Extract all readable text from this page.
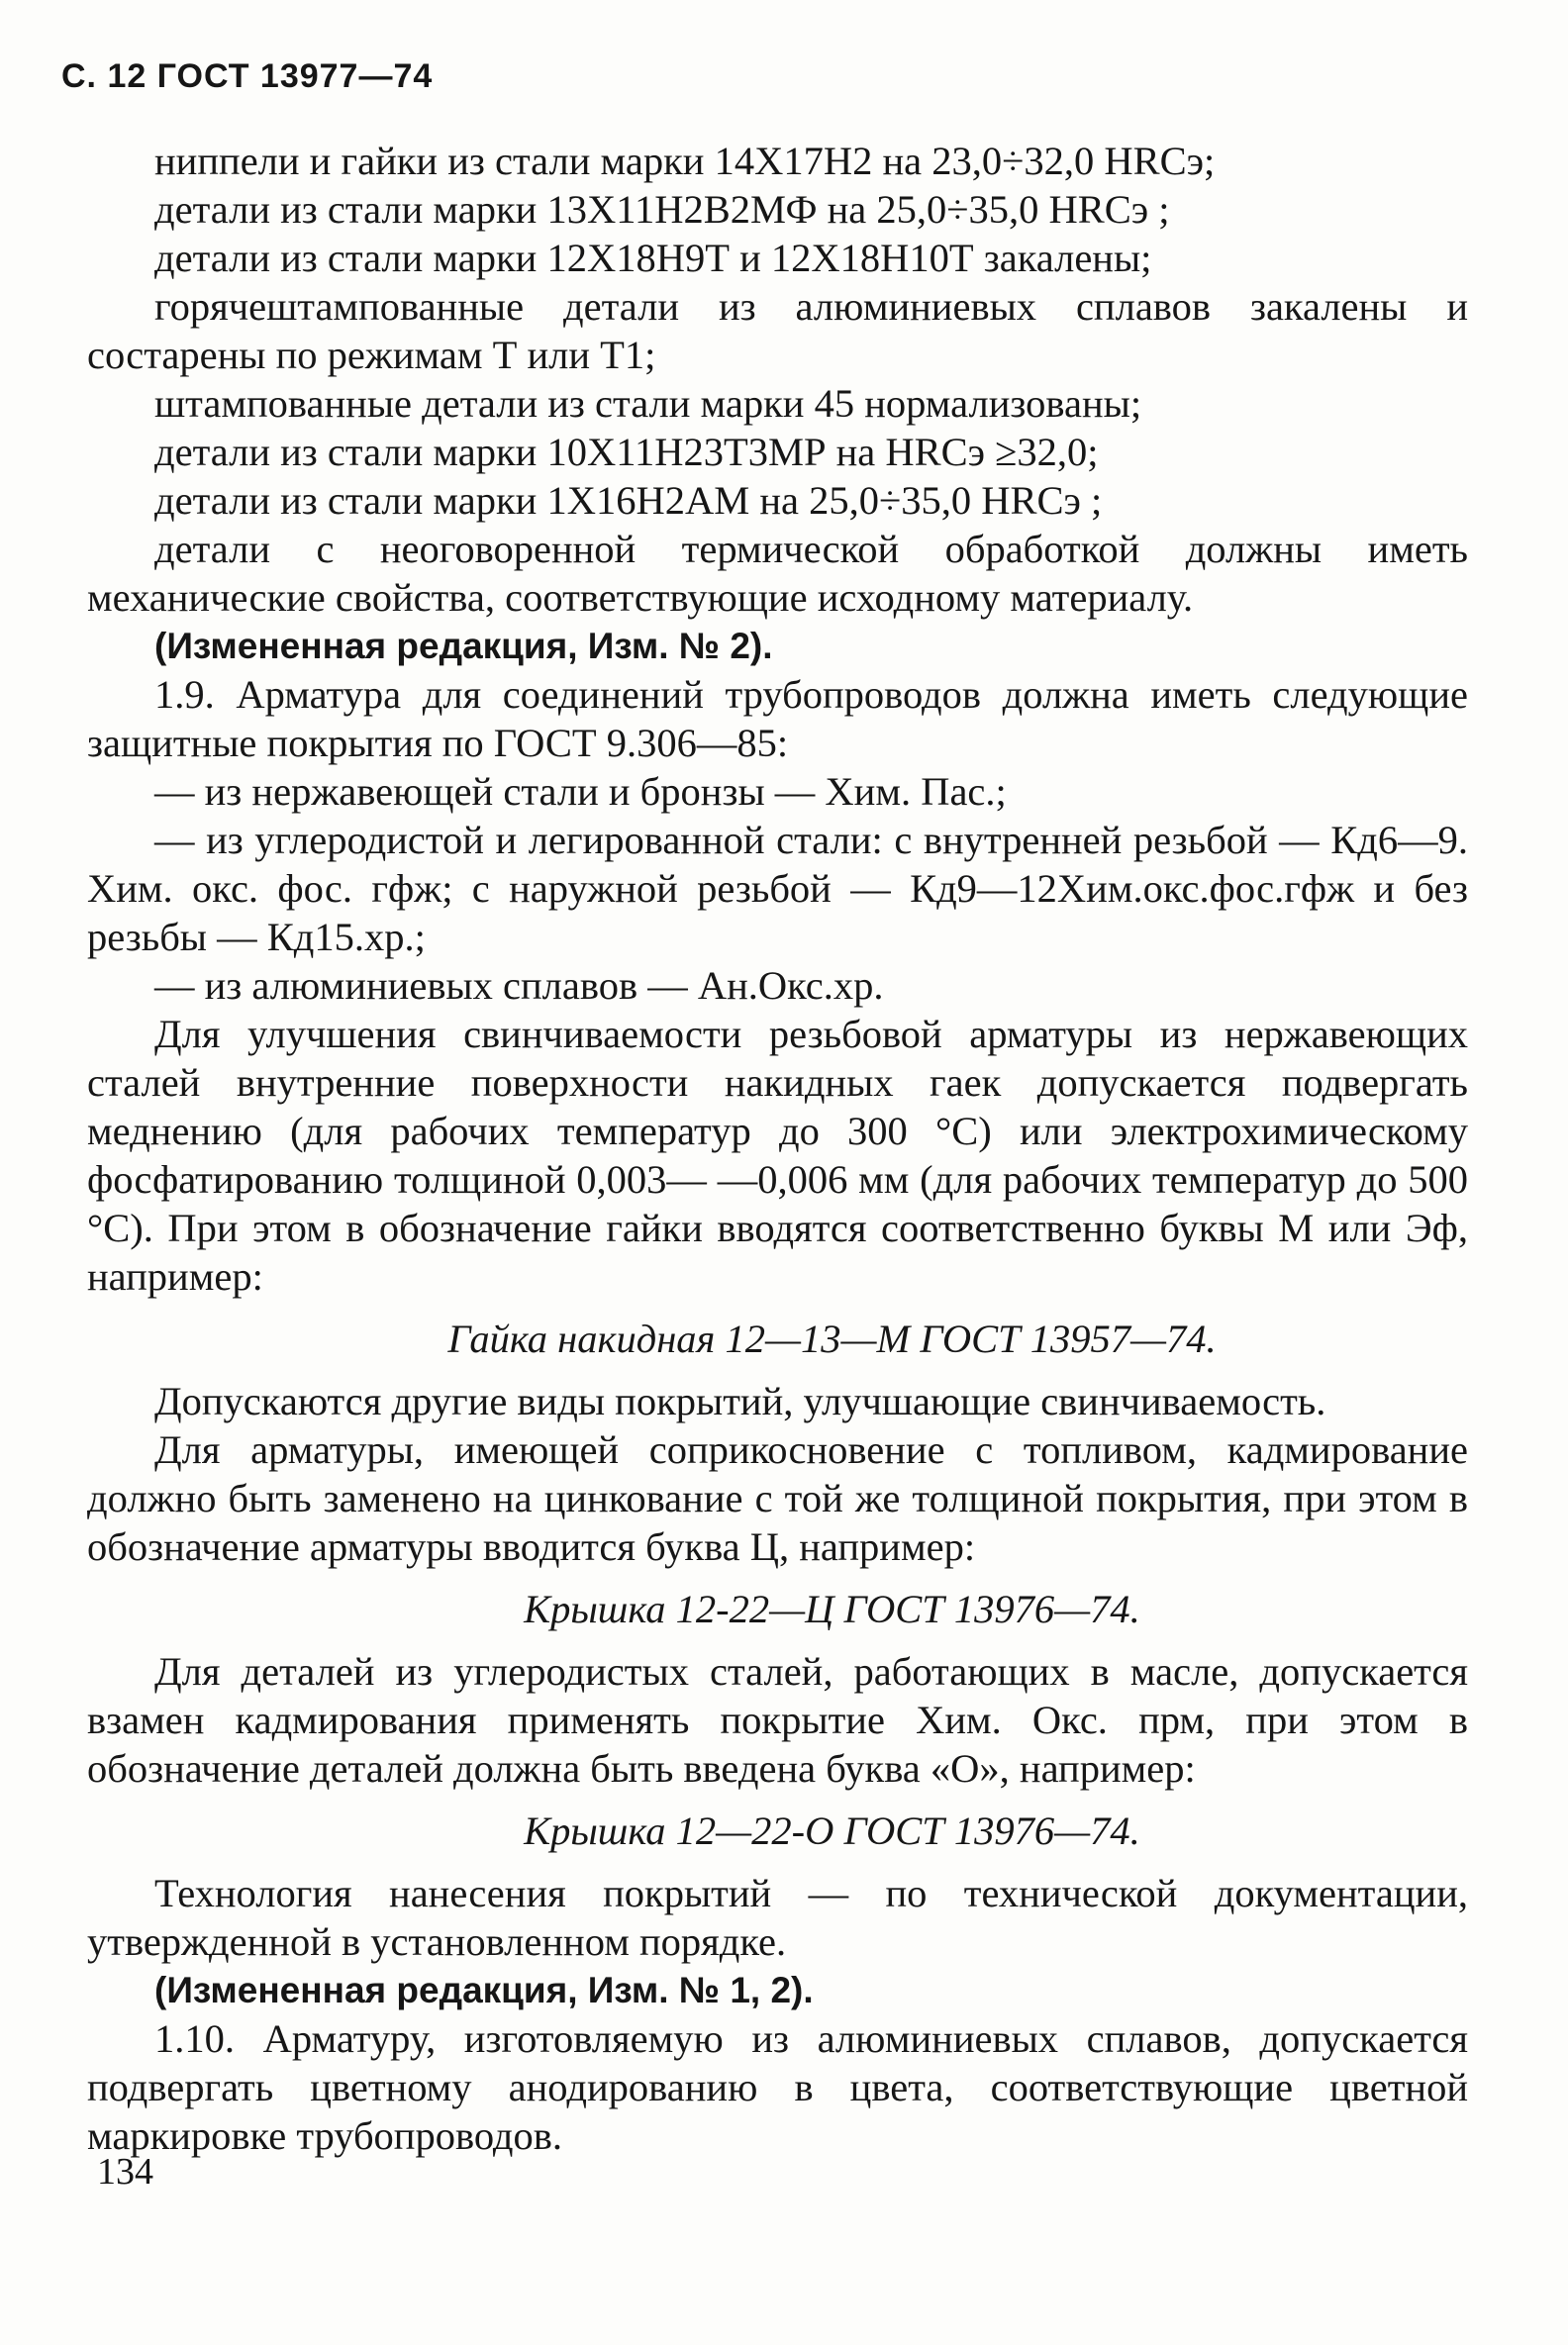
С. 12 ГОСТ 13977—74

ниппели и гайки из стали марки 14Х17Н2 на 23,0÷32,0 HRCэ;

детали из стали марки 13Х11Н2В2МФ на 25,0÷35,0 HRCэ ;

детали из стали марки 12Х18Н9Т и 12Х18Н10Т закалены;

горячештампованные детали из алюминиевых сплавов закалены и состарены по режимам Т или Т1;

штампованные детали из стали марки 45 нормализованы;

детали из стали марки 10Х11Н23Т3МР на HRCэ ≥32,0;

детали из стали марки 1Х16Н2АМ на 25,0÷35,0 HRCэ ;

детали с неоговоренной термической обработкой должны иметь механические свойства, соответствующие исходному материалу.

(Измененная редакция, Изм. № 2).

1.9. Арматура для соединений трубопроводов должна иметь следующие защитные покрытия по ГОСТ 9.306—85:

— из нержавеющей стали и бронзы — Хим. Пас.;

— из углеродистой и легированной стали: с внутренней резьбой — Кд6—9. Хим. окс. фос. гфж; с наружной резьбой — Кд9—12Хим.окс.фос.гфж и без резьбы — Кд15.хр.;

— из алюминиевых сплавов — Ан.Окс.хр.

Для улучшения свинчиваемости резьбовой арматуры из нержавеющих сталей внутренние поверхности накидных гаек допускается подвергать меднению (для рабочих температур до 300 °С) или электрохимическому фосфатированию толщиной 0,003— —0,006 мм (для рабочих температур до 500 °С). При этом в обозначение гайки вводятся соответственно буквы М или Эф, например:

Гайка накидная 12—13—М ГОСТ 13957—74.

Допускаются другие виды покрытий, улучшающие свинчиваемость.

Для арматуры, имеющей соприкосновение с топливом, кадмирование должно быть заменено на цинкование с той же толщиной покрытия, при этом в обозначение арматуры вводится буква Ц, например:

Крышка 12-22—Ц ГОСТ 13976—74.

Для деталей из углеродистых сталей, работающих в масле, допускается взамен кадмирования применять покрытие Хим. Окс. прм, при этом в обозначение деталей должна быть введена буква «О», например:

Крышка 12—22-О ГОСТ 13976—74.

Технология нанесения покрытий — по технической документации, утвержденной в установленном порядке.

(Измененная редакция, Изм. № 1, 2).

1.10. Арматуру, изготовляемую из алюминиевых сплавов, допускается подвергать цветному анодированию в цвета, соответствующие цветной маркировке трубопроводов.

134
